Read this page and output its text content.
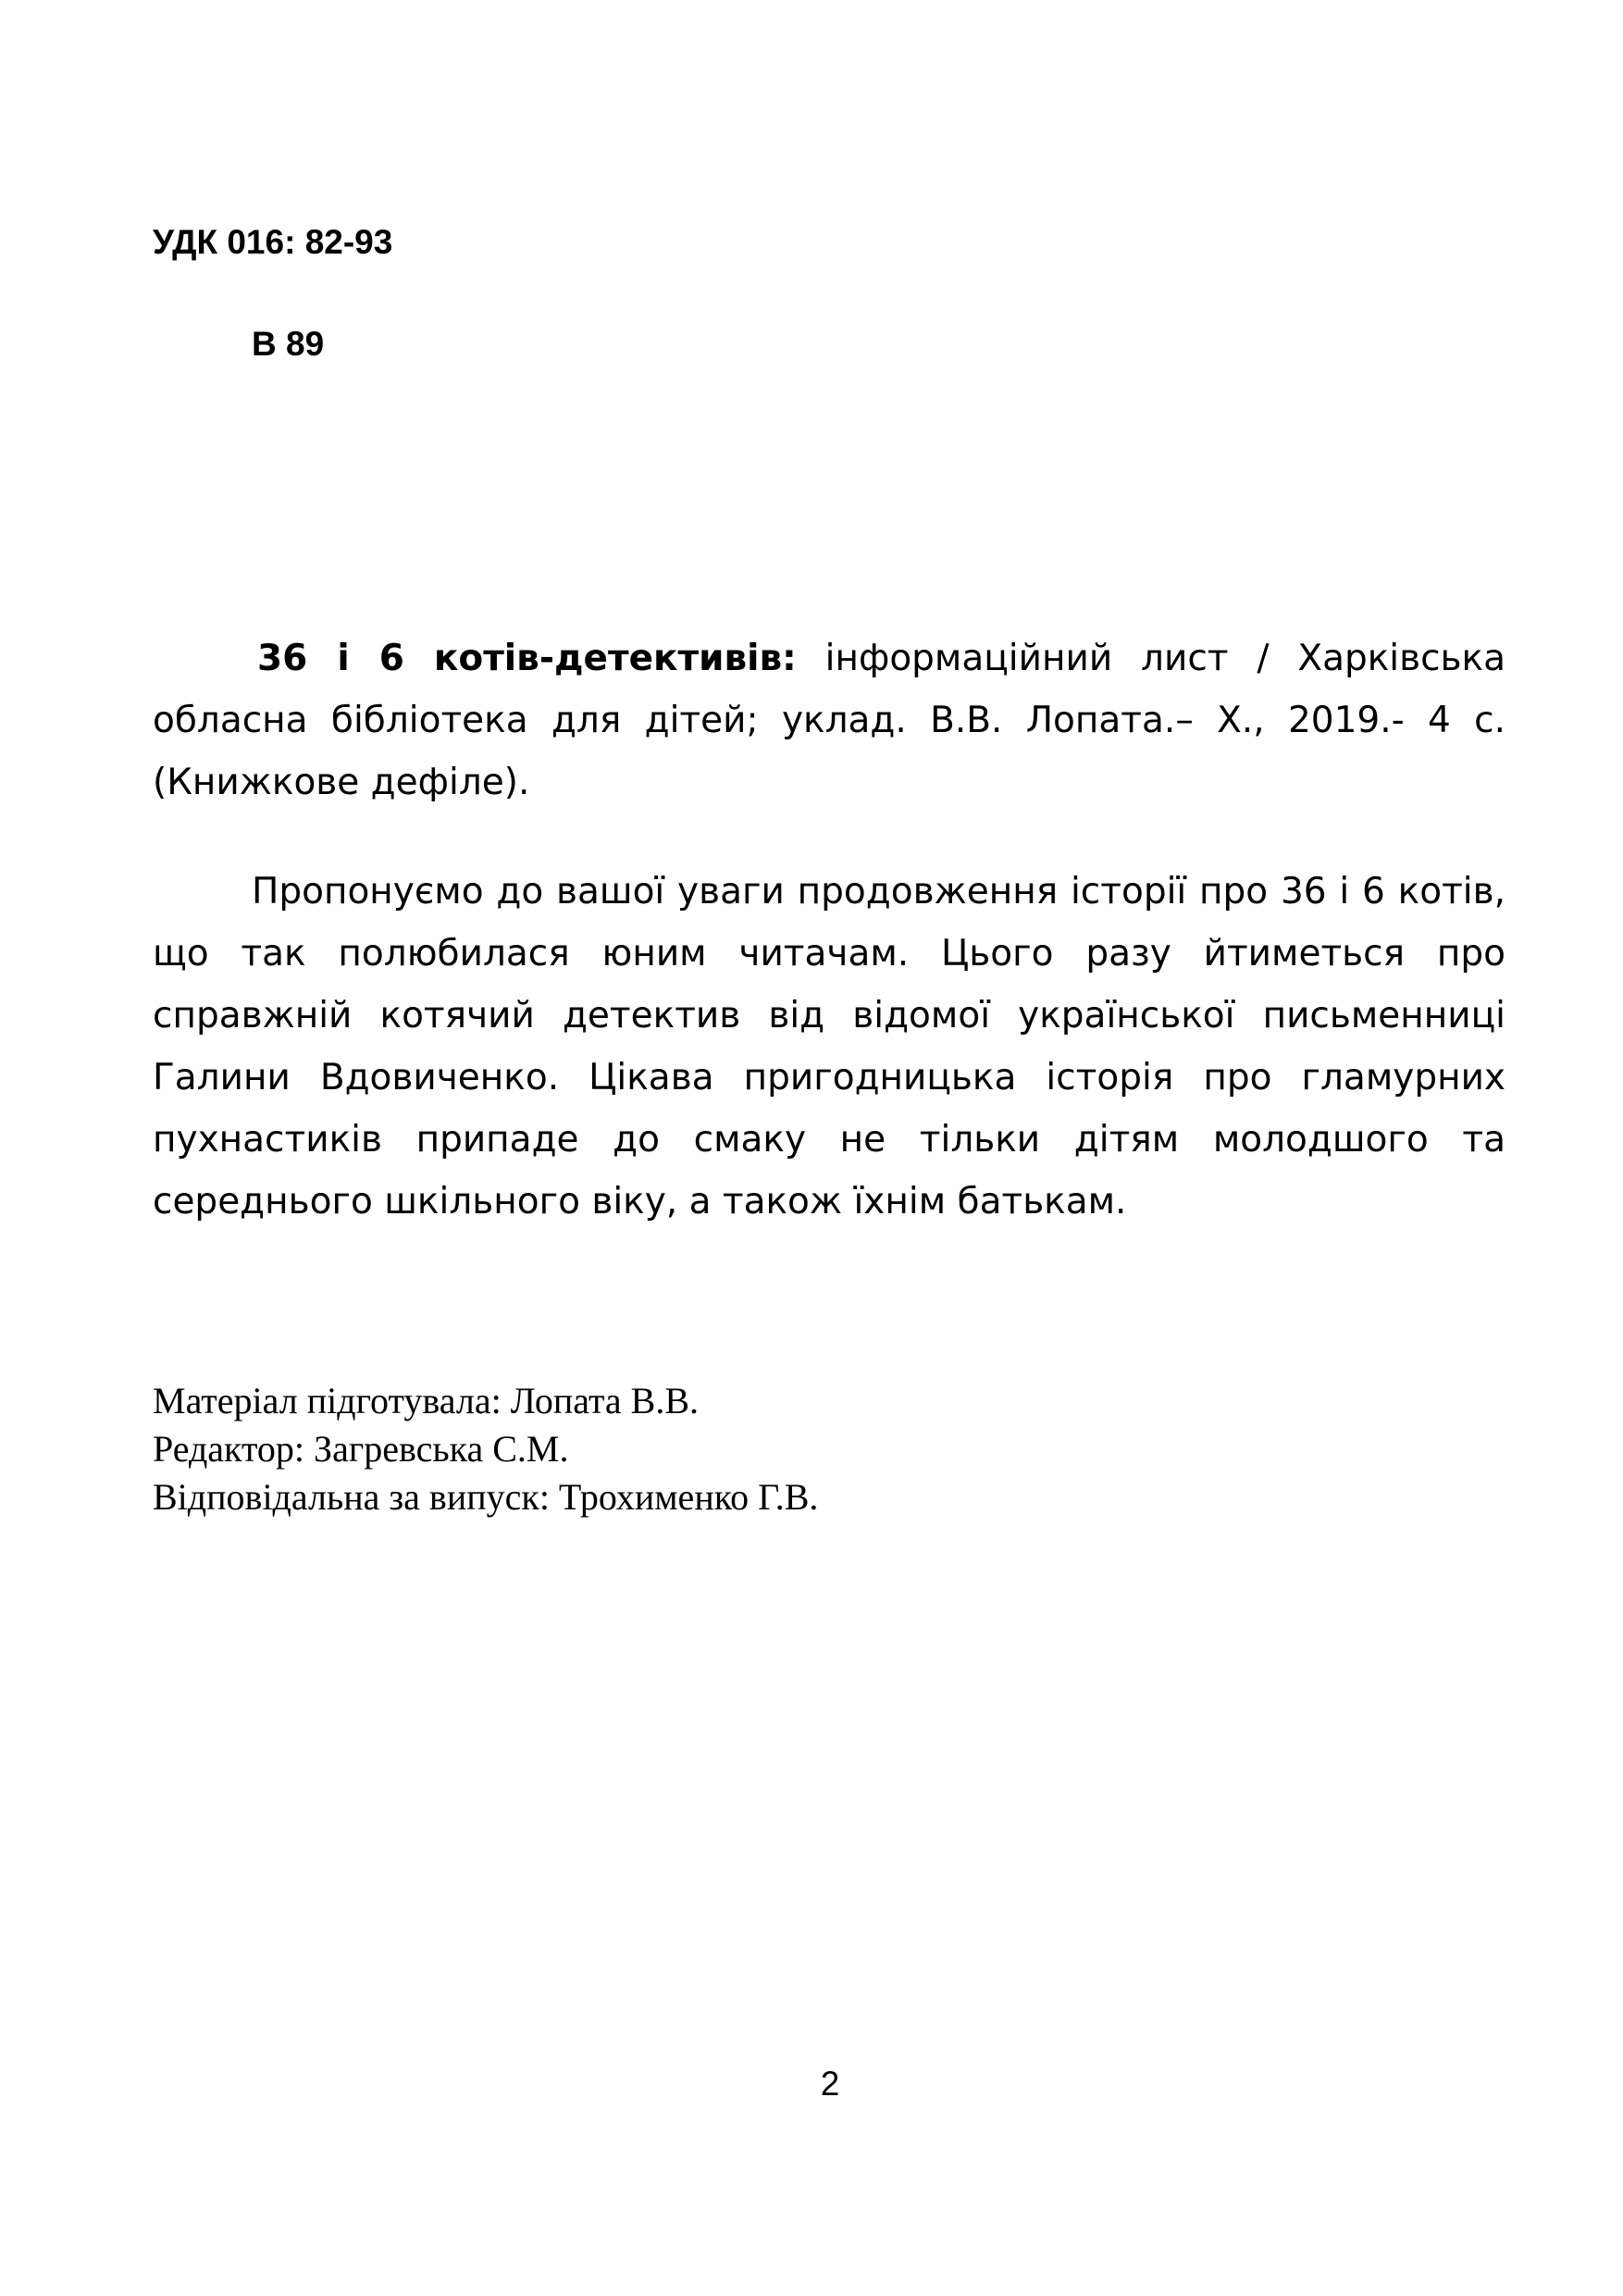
УДК 016: 82-93

В 89

36 і 6 котів-детективів: інформаційний лист / Харківська обласна бібліотека для дітей; уклад. В.В. Лопата.– Х., 2019.- 4 с. (Книжкове дефіле).

Пропонуємо до вашої уваги продовження історії про 36 і 6 котів, що так полюбилася юним читачам. Цього разу йтиметься про справжній котячий детектив від відомої української письменниці Галини Вдовиченко. Цікава пригодницька історія про гламурних пухнастиків припаде до смаку не тільки дітям молодшого та середнього шкільного віку, а також їхнім батькам.

Матеріал підготувала: Лопата В.В.
Редактор: Загревська С.М.
Відповідальна за випуск: Трохименко Г.В.

2
